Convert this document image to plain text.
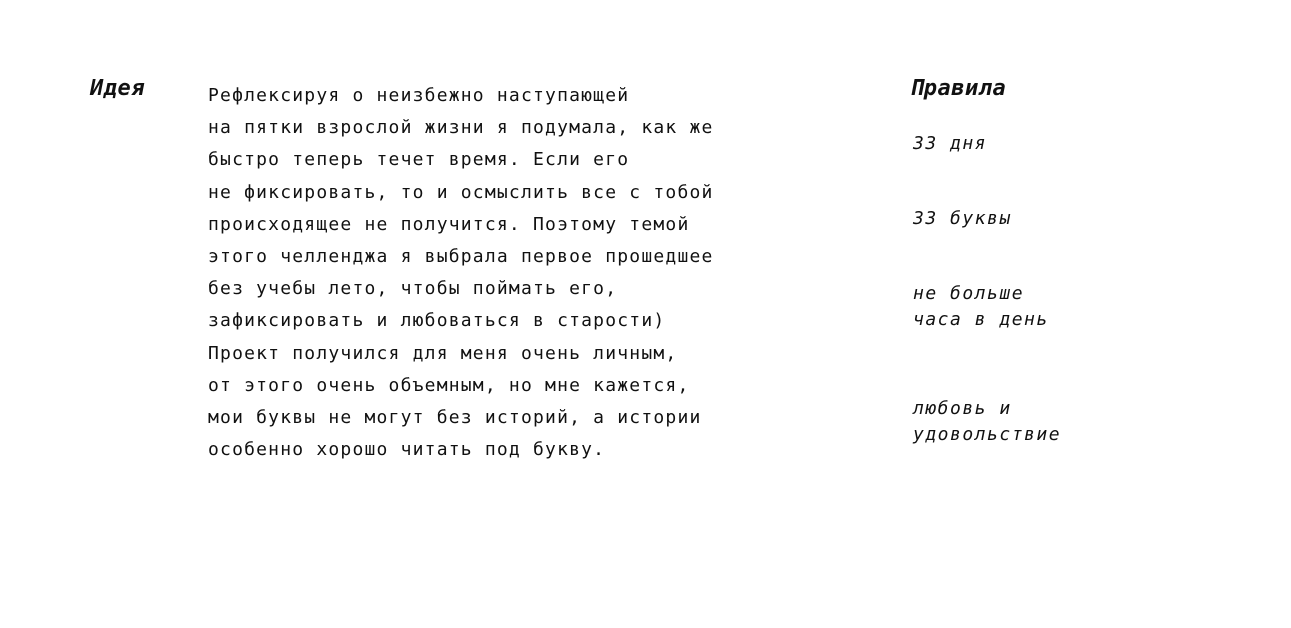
Идея	Рефлексируя о неизбежно наступающей
на пятки взрослой жизни я подумала, как же
быстро теперь течет время. Если его
не фиксировать, то и осмыслить все с тобой
происходящее не получится. Поэтому темой
этого челленджа я выбрала первое прошедшее
без учебы лето, чтобы поймать его,
зафиксировать и любоваться в старости)
Проект получился для меня очень личным,
от этого очень объемным, но мне кажется,
мои буквы не могут без историй, а истории
особенно хорошо читать под букву.
Правила
33 дня
33 буквы
не больше
часа в день
любовь и
удовольствие
